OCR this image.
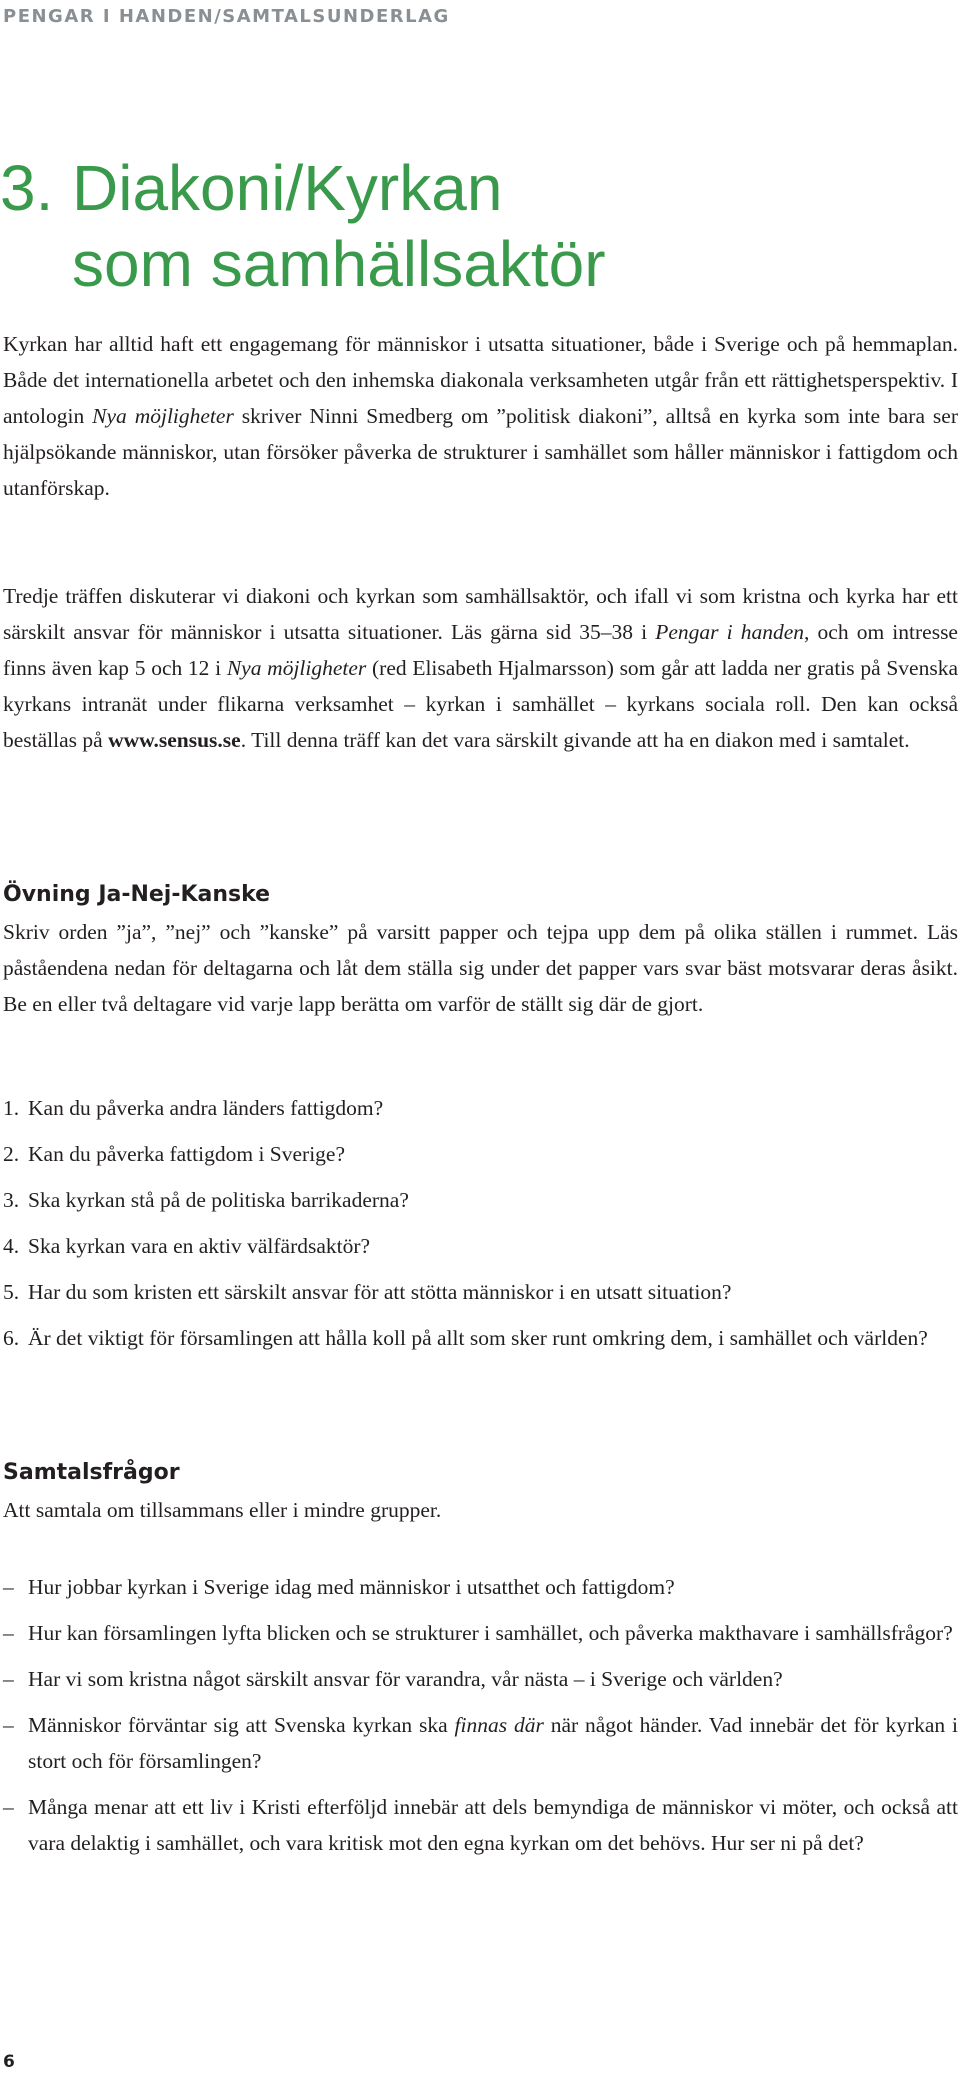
PENGAR I HANDEN/SAMTALSUNDERLAG
3. Diakoni/Kyrkan
som samhällsaktör

Kyrkan har alltid haft ett engagemang för människor i utsatta situationer, både i Sverige och på hemmaplan. Både det internationella arbetet och den inhemska diakonala verksamheten utgår från ett rättighetsperspektiv. I antologin Nya möjligheter skriver Ninni Smedberg om ”politisk diakoni”, alltså en kyrka som inte bara ser hjälpsökande människor, utan försöker påverka de strukturer i samhället som håller människor i fattigdom och utanförskap.

Tredje träffen diskuterar vi diakoni och kyrkan som samhällsaktör, och ifall vi som kristna och kyrka har ett särskilt ansvar för människor i utsatta situationer. Läs gärna sid 35–38 i Pengar i handen, och om intresse finns även kap 5 och 12 i Nya möjligheter (red Elisabeth Hjalmarsson) som går att ladda ner gratis på Svenska kyrkans intranät under flikarna verksamhet – kyrkan i samhället – kyrkans sociala roll. Den kan också beställas på www.sensus.se. Till denna träff kan det vara särskilt givande att ha en diakon med i samtalet.

Övning Ja-Nej-Kanske

Skriv orden ”ja”, ”nej” och ”kanske” på varsitt papper och tejpa upp dem på olika ställen i rummet. Läs påståendena nedan för deltagarna och låt dem ställa sig under det papper vars svar bäst motsvarar deras åsikt. Be en eller två deltagare vid varje lapp berätta om varför de ställt sig där de gjort.

1. Kan du påverka andra länders fattigdom?
2. Kan du påverka fattigdom i Sverige?
3. Ska kyrkan stå på de politiska barrikaderna?
4. Ska kyrkan vara en aktiv välfärdsaktör?
5. Har du som kristen ett särskilt ansvar för att stötta människor i en utsatt situation?
6. Är det viktigt för församlingen att hålla koll på allt som sker runt omkring dem, i samhället och världen?
Samtalsfrågor

Att samtala om tillsammans eller i mindre grupper.

– Hur jobbar kyrkan i Sverige idag med människor i utsatthet och fattigdom?
– Hur kan församlingen lyfta blicken och se strukturer i samhället, och påverka makthavare i samhällsfrågor?
– Har vi som kristna något särskilt ansvar för varandra, vår nästa – i Sverige och världen?
– Människor förväntar sig att Svenska kyrkan ska finnas där när något händer. Vad innebär det för kyrkan i stort och för församlingen?
– Många menar att ett liv i Kristi efterföljd innebär att dels bemyndiga de människor vi möter, och också att vara delaktig i samhället, och vara kritisk mot den egna kyrkan om det behövs. Hur ser ni på det?
6
